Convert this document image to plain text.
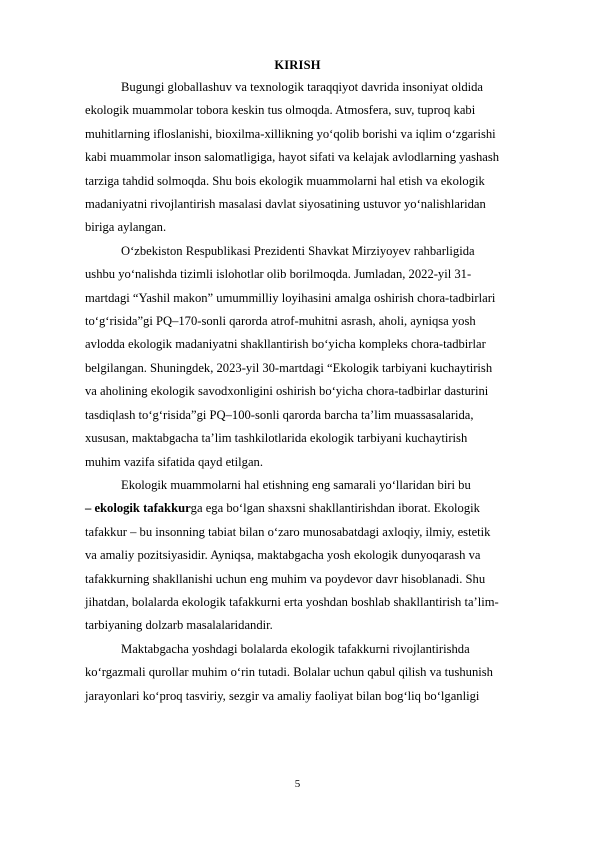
KIRISH
Bugungi globallashuv va texnologik taraqqiyot davrida insoniyat oldida
ekologik muammolar tobora keskin tus olmoqda. Atmosfera, suv, tuproq kabi
muhitlarning ifloslanishi, bioxilma-xillikning yo‘qolib borishi va iqlim o‘zgarishi
kabi muammolar inson salomatligiga, hayot sifati va kelajak avlodlarning yashash
tarziga tahdid solmoqda. Shu bois ekologik muammolarni hal etish va ekologik
madaniyatni rivojlantirish masalasi davlat siyosatining ustuvor yo‘nalishlaridan
biriga aylangan.
O‘zbekiston Respublikasi Prezidenti Shavkat Mirziyoyev rahbarligida
ushbu yo‘nalishda tizimli islohotlar olib borilmoqda. Jumladan, 2022-yil 31-
martdagi “Yashil makon” umummilliy loyihasini amalga oshirish chora-tadbirlari
to‘g‘risida”gi PQ–170-sonli qarorda atrof-muhitni asrash, aholi, ayniqsa yosh
avlodda ekologik madaniyatni shakllantirish bo‘yicha kompleks chora-tadbirlar
belgilangan. Shuningdek, 2023-yil 30-martdagi “Ekologik tarbiyani kuchaytirish
va aholining ekologik savodxonligini oshirish bo‘yicha chora-tadbirlar dasturini
tasdiqlash to‘g‘risida”gi PQ–100-sonli qarorda barcha ta’lim muassasalarida,
xususan, maktabgacha ta’lim tashkilotlarida ekologik tarbiyani kuchaytirish
muhim vazifa sifatida qayd etilgan.
Ekologik muammolarni hal etishning eng samarali yo‘llaridan biri bu
– ekologik tafakkurga ega bo‘lgan shaxsni shakllantirishdan iborat. Ekologik
tafakkur – bu insonning tabiat bilan o‘zaro munosabatdagi axloqiy, ilmiy, estetik
va amaliy pozitsiyasidir. Ayniqsa, maktabgacha yosh ekologik dunyoqarash va
tafakkurning shakllanishi uchun eng muhim va poydevor davr hisoblanadi. Shu
jihatdan, bolalarda ekologik tafakkurni erta yoshdan boshlab shakllantirish ta’lim-
tarbiyaning dolzarb masalalaridandir.
Maktabgacha yoshdagi bolalarda ekologik tafakkurni rivojlantirishda
ko‘rgazmali qurollar muhim o‘rin tutadi. Bolalar uchun qabul qilish va tushunish
jarayonlari ko‘proq tasviriy, sezgir va amaliy faoliyat bilan bog‘liq bo‘lganligi
5
